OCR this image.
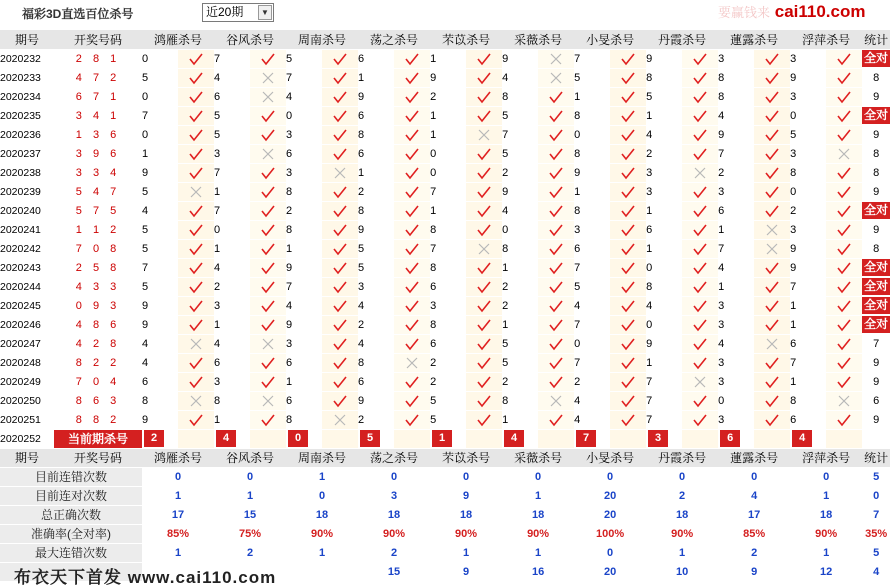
福彩3D直选百位杀号	近20期	▼	要赢钱来 cai110.com
期号	开奖号码	鸿雁杀号		谷风杀号		周南杀号		荡之杀号		芣苡杀号		采薇杀号		小旻杀号		丹霞杀号		蓮露杀号		浮萍杀号		统计
2020232	2 8 1	0		7		5		6		1		9		7		9		3		3		全对
2020233	4 7 2	5		4		7		1		9		4		5		8		8		9		8
2020234	6 7 1	0		6		4		9		2		8		1		5		8		3		9
2020235	3 4 1	7		5		0		6		1		5		8		1		4		0		全对
2020236	1 3 6	0		5		3		8		1		7		0		4		9		5		9
2020237	3 9 6	1		3		6		6		0		5		8		2		7		3		8
2020238	3 3 4	9		7		3		1		0		2		9		3		2		8		8
2020239	5 4 7	5		1		8		2		7		9		1		3		3		0		9
2020240	5 7 5	4		7		2		8		1		4		8		1		6		2		全对
2020241	1 1 2	5		0		8		9		8		0		3		6		1		3		9
2020242	7 0 8	5		1		1		5		7		8		6		1		7		9		8
2020243	2 5 8	7		4		9		5		8		1		7		0		4		9		全对
2020244	4 3 3	5		2		7		3		6		2		5		8		1		7		全对
2020245	0 9 3	9		3		4		4		3		2		4		4		3		1		全对
2020246	4 8 6	9		1		9		2		8		1		7		0		3		1		全对
2020247	4 2 8	4		4		3		4		6		5		0		9		4		6		7
2020248	8 2 2	4		6		6		8		2		5		7		1		3		7		9
2020249	7 0 4	6		3		1		6		2		2		2		7		3		1		9
2020250	8 6 3	8		8		6		9		5		8		4		7		0		8		6
2020251	8 8 2	9		1		8		2		5		1		4		7		3		6		9
2020252	当前期杀号	2		4		0		5		1		4		7		3		6		4		
期号	开奖号码	鸿雁杀号		谷风杀号		周南杀号		荡之杀号		芣苡杀号		采薇杀号		小旻杀号		丹霞杀号		蓮露杀号		浮萍杀号		统计
目前连错次数		0		0		1		0		0		0		0		0		0		0		5
目前连对次数		1		1		0		3		9		1		20		2		4		1		0
总正确次数		17		15		18		18		18		18		20		18		17		18		7
准确率(全对率)		85%		75%		90%		90%		90%		90%		100%		90%		85%		90%		35%
最大连错次数		1		2		1		2		1		1		0		1		2		1		5
								15		9		16		20		10		9		12		4
布衣天下首发 www.cai110.com
